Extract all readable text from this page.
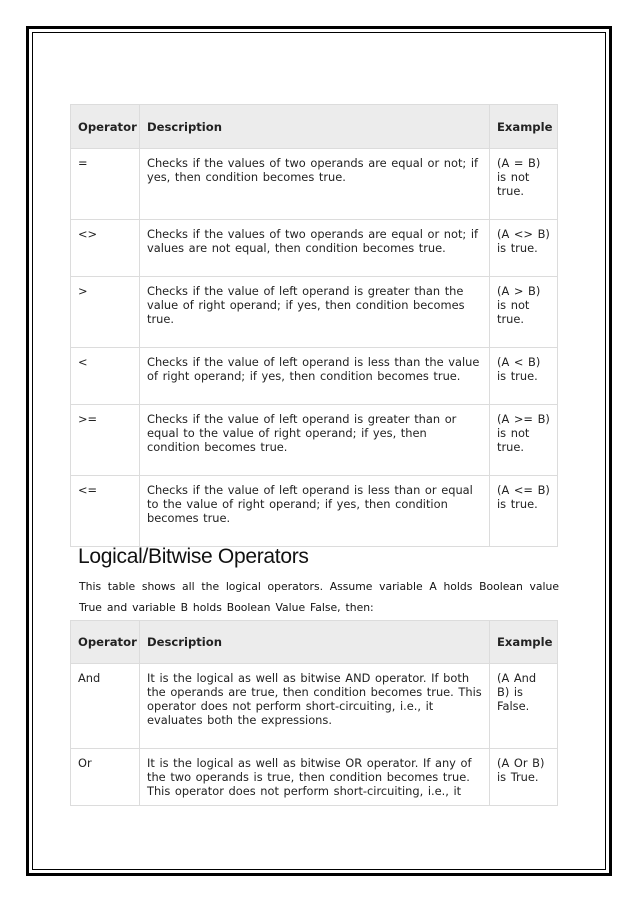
Operator	Description	Example
=	Checks if the values of two operands are equal or not; if yes, then condition becomes true.	(A = B) is not true.
<>	Checks if the values of two operands are equal or not; if values are not equal, then condition becomes true.	(A <> B) is true.
>	Checks if the value of left operand is greater than the value of right operand; if yes, then condition becomes true.	(A > B) is not true.
<	Checks if the value of left operand is less than the value of right operand; if yes, then condition becomes true.	(A < B) is true.
>=	Checks if the value of left operand is greater than or equal to the value of right operand; if yes, then condition becomes true.	(A >= B) is not true.
<=	Checks if the value of left operand is less than or equal to the value of right operand; if yes, then condition becomes true.	(A <= B) is true.
Logical/Bitwise Operators

This table shows all the logical operators. Assume variable A holds Boolean value True and variable B holds Boolean Value False, then:

Operator	Description	Example
And	It is the logical as well as bitwise AND operator. If both the operands are true, then condition becomes true. This operator does not perform short-circuiting, i.e., it evaluates both the expressions.	(A And B) is False.
Or	It is the logical as well as bitwise OR operator. If any of the two operands is true, then condition becomes true. This operator does not perform short-circuiting, i.e., it	(A Or B) is True.
